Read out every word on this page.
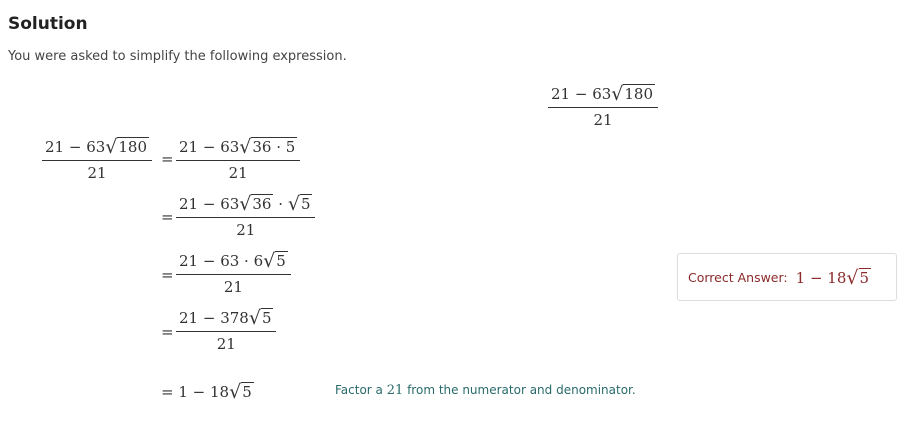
Solution
You were asked to simplify the following expression.
21 − 63√180
21
21 − 63√180
21
=
21 − 63√36 · 5
21
=
21 − 63√36 · √5
21
=
21 − 63 · 6√5
21
=
21 − 378√5
21
= 1 − 18√5	Factor a 21 from the numerator and denominator.
Correct Answer: 1 − 18√5
